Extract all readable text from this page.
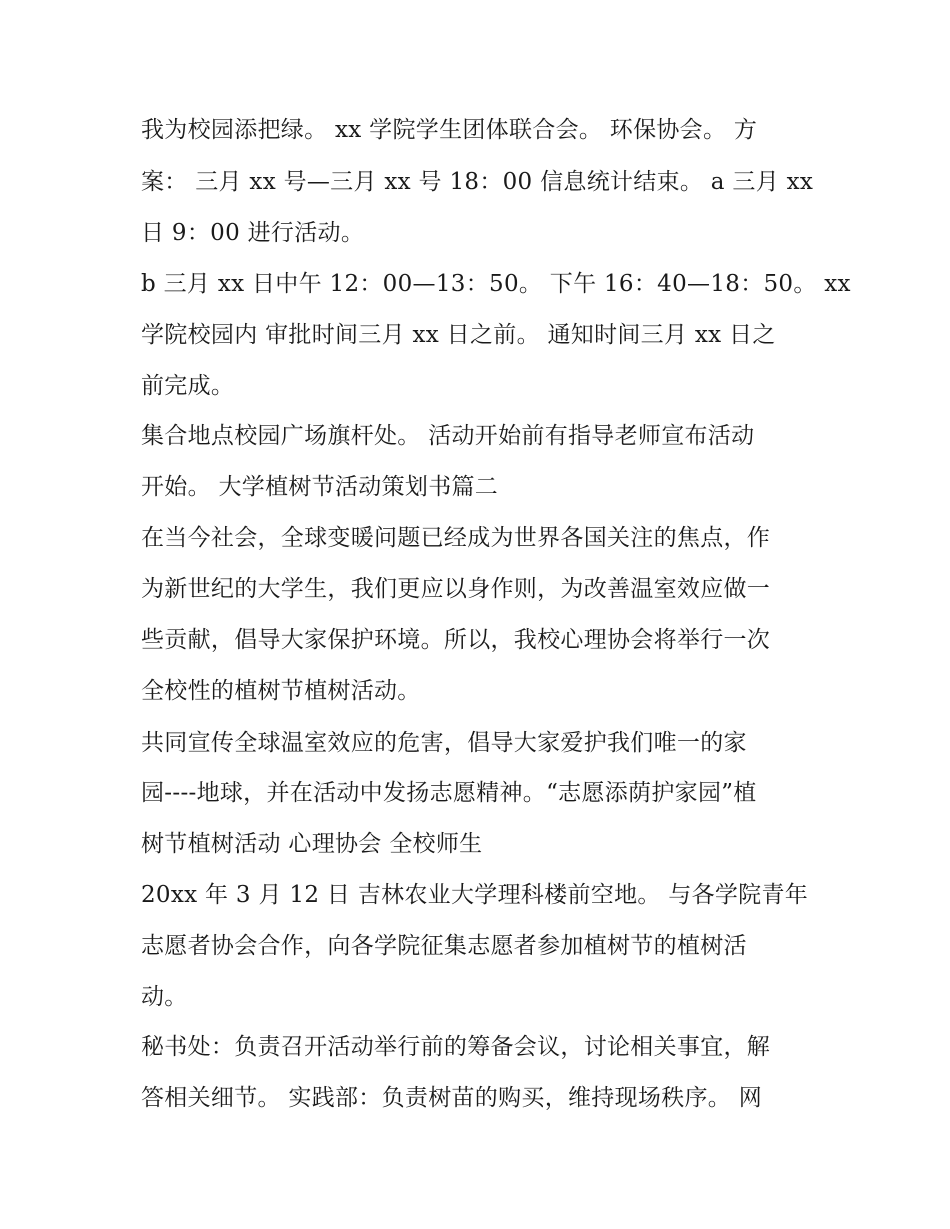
我为校园添把绿。 xx 学院学生团体联合会。 环保协会。 方
案： 三月 xx 号—三月 xx 号 18：00 信息统计结束。 a 三月 xx
日 9：00 进行活动。
b 三月 xx 日中午 12：00—13：50。 下午 16：40—18：50。 xx
学院校园内 审批时间三月 xx 日之前。 通知时间三月 xx 日之
前完成。
集合地点校园广场旗杆处。 活动开始前有指导老师宣布活动
开始。 大学植树节活动策划书篇二
在当今社会，全球变暖问题已经成为世界各国关注的焦点，作
为新世纪的大学生，我们更应以身作则，为改善温室效应做一
些贡献，倡导大家保护环境。所以，我校心理协会将举行一次
全校性的植树节植树活动。
共同宣传全球温室效应的危害，倡导大家爱护我们唯一的家
园----地球，并在活动中发扬志愿精神。“志愿添荫护家园”植
树节植树活动 心理协会 全校师生
20xx 年 3 月 12 日 吉林农业大学理科楼前空地。 与各学院青年
志愿者协会合作，向各学院征集志愿者参加植树节的植树活
动。
秘书处：负责召开活动举行前的筹备会议，讨论相关事宜，解
答相关细节。 实践部：负责树苗的购买，维持现场秩序。 网
